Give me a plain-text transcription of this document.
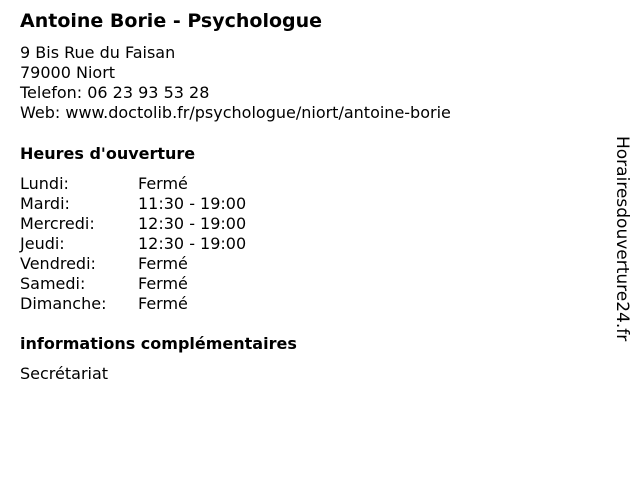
Antoine Borie - Psychologue
9 Bis Rue du Faisan
79000 Niort
Telefon: 06 23 93 53 28
Web: www.doctolib.fr/psychologue/niort/antoine-borie
Heures d'ouverture
Lundi:	Fermé
Mardi:	11:30 - 19:00
Mercredi:	12:30 - 19:00
Jeudi:	12:30 - 19:00
Vendredi:	Fermé
Samedi:	Fermé
Dimanche: Fermé
informations complémentaires
Secrétariat
Horairesdouverture24.fr
